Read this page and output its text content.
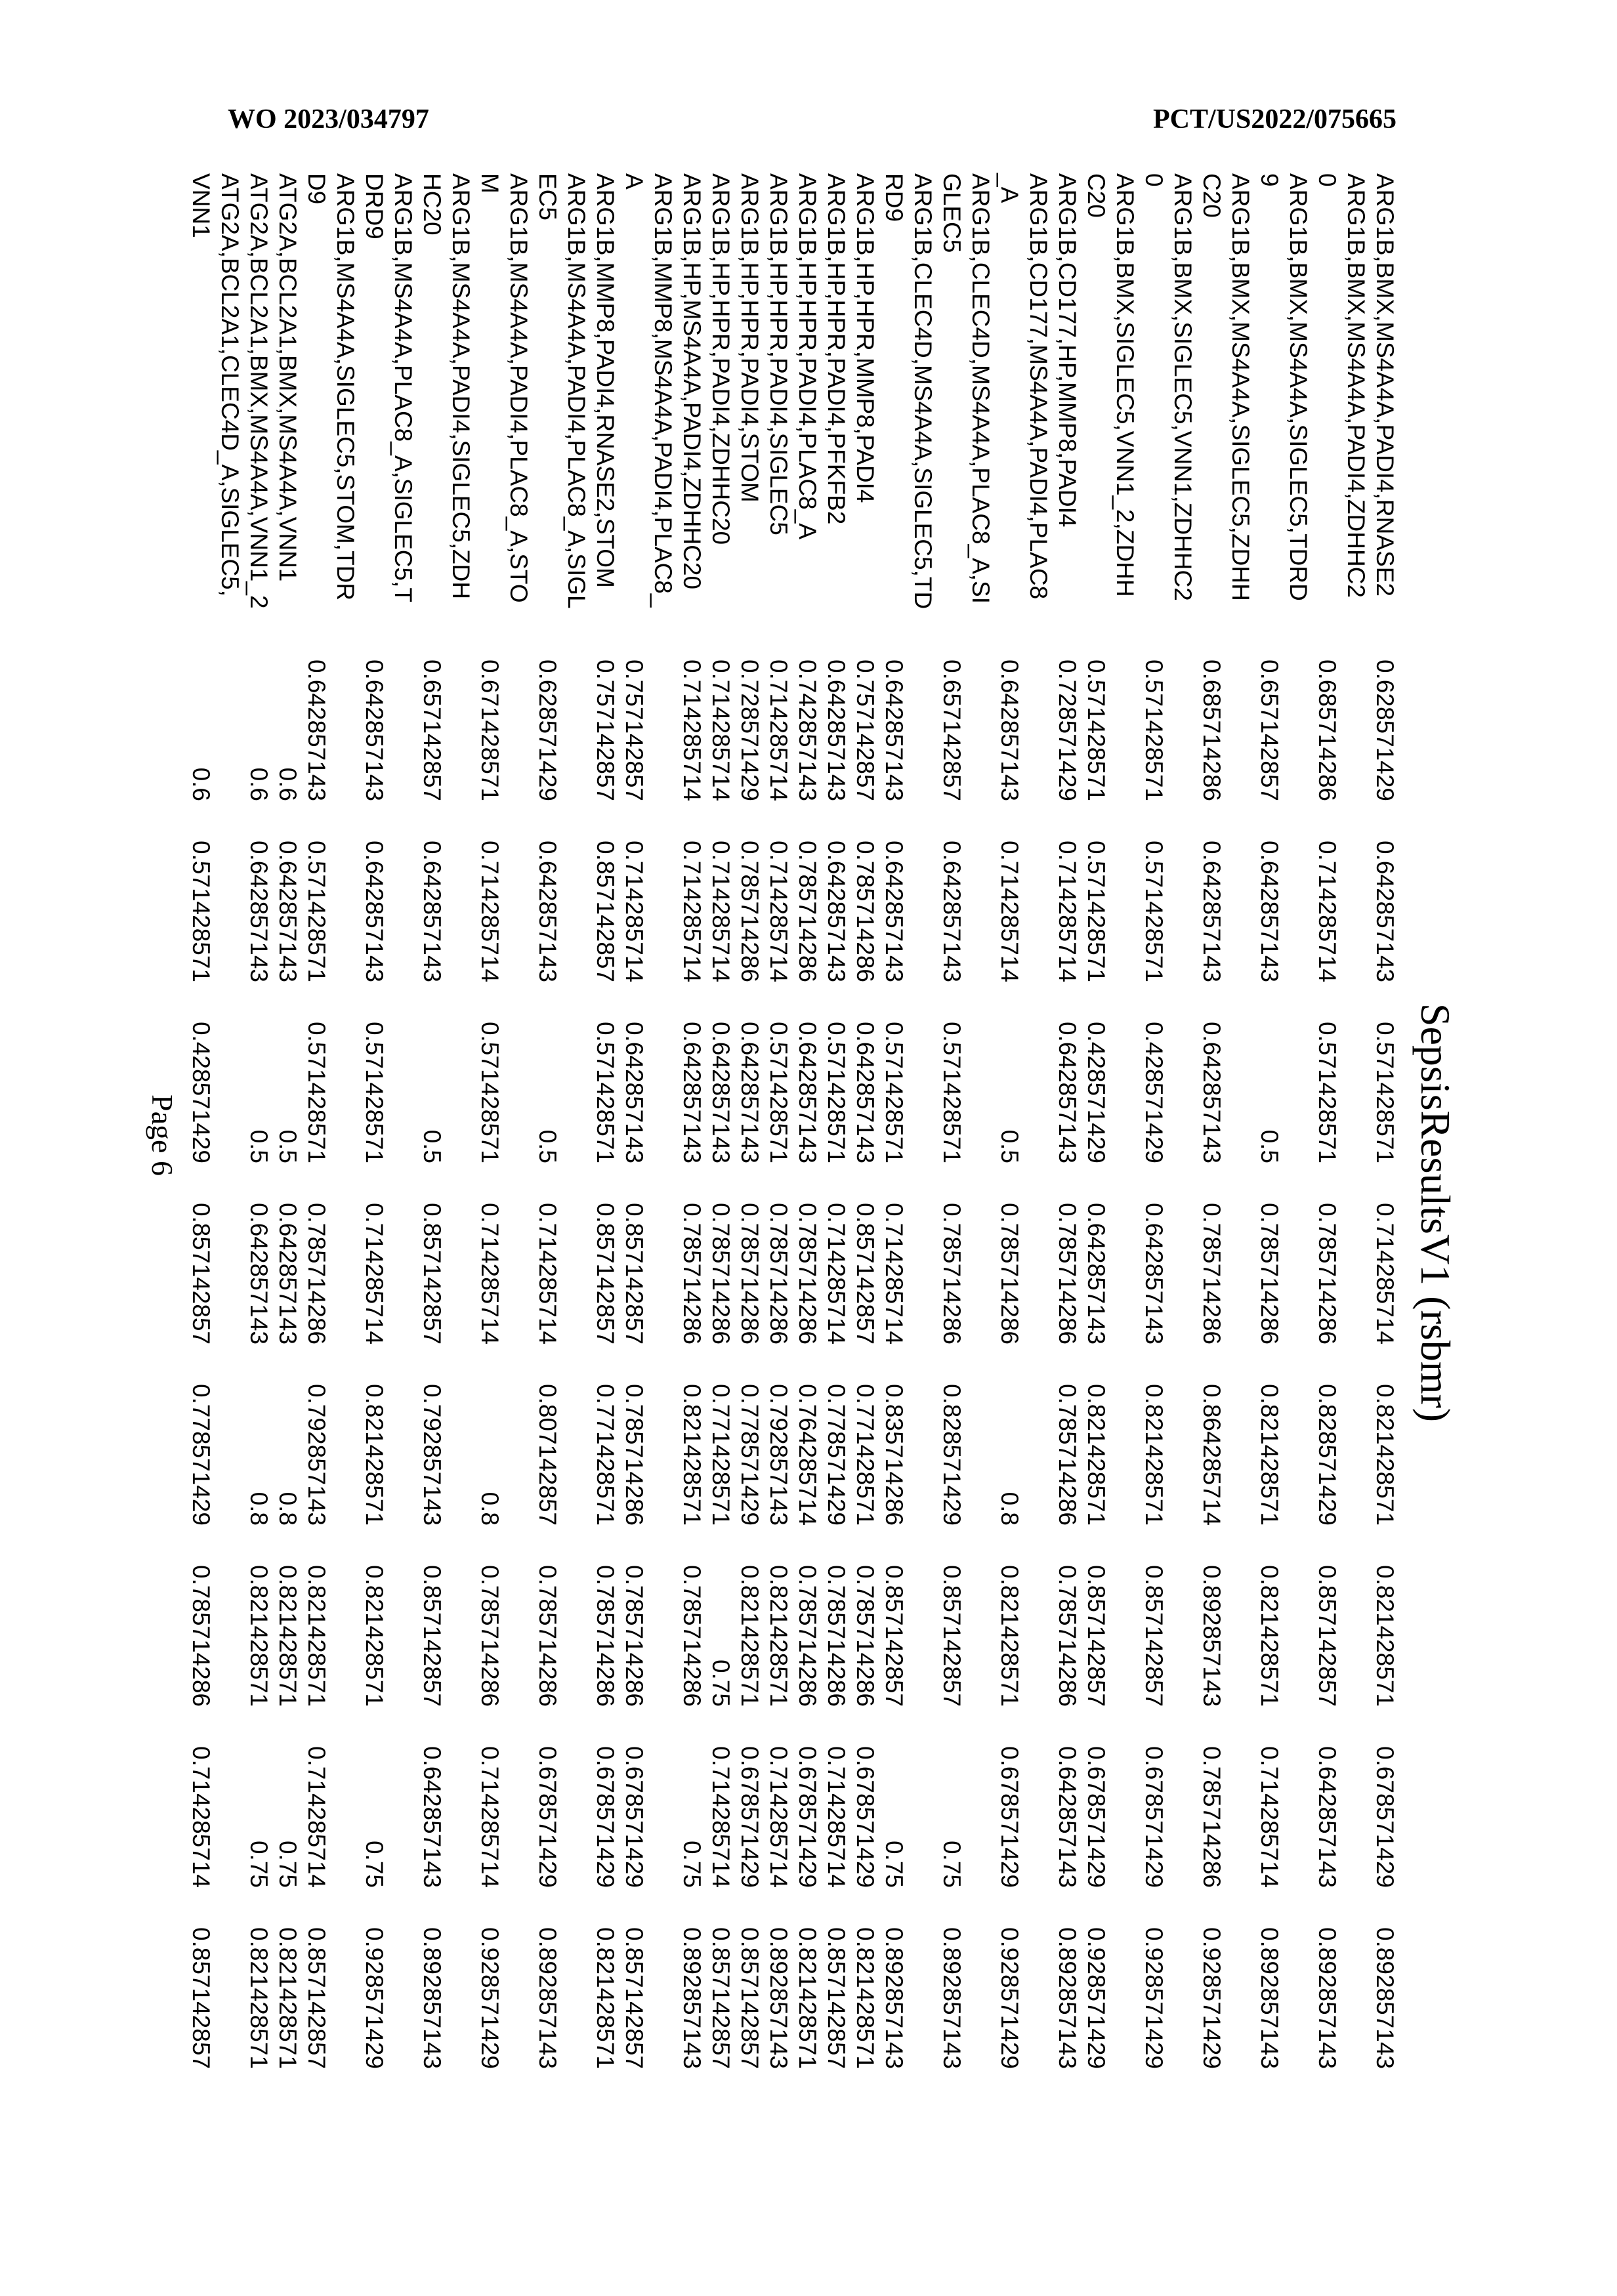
WO 2023/034797	PCT/US2022/075665
SepsisResultsV1 (rsbmr)
ARG1B,BMX,MS4A4A,PADI4,RNASE2
0.628571429
0.642857143
0.571428571
0.714285714
0.821428571
0.821428571
0.678571429
0.892857143
ARG1B,BMX,MS4A4A,PADI4,ZDHHC20
0.685714286
0.714285714
0.571428571
0.785714286
0.828571429
0.857142857
0.642857143
0.892857143
ARG1B,BMX,MS4A4A,SIGLEC5,TDRD9
0.657142857
0.642857143
0.5
0.785714286
0.821428571
0.821428571
0.714285714
0.892857143
ARG1B,BMX,MS4A4A,SIGLEC5,ZDHHC20
0.685714286
0.642857143
0.642857143
0.785714286
0.864285714
0.892857143
0.785714286
0.928571429
ARG1B,BMX,SIGLEC5,VNN1,ZDHHC20
0.571428571
0.571428571
0.428571429
0.642857143
0.821428571
0.857142857
0.678571429
0.928571429
ARG1B,BMX,SIGLEC5,VNN1_2,ZDHHC20
0.571428571
0.571428571
0.428571429
0.642857143
0.821428571
0.857142857
0.678571429
0.928571429
ARG1B,CD177,HP,MMP8,PADI4
0.728571429
0.714285714
0.642857143
0.785714286
0.785714286
0.785714286
0.642857143
0.892857143
ARG1B,CD177,MS4A4A,PADI4,PLAC8_A
0.642857143
0.714285714
0.5
0.785714286
0.8
0.821428571
0.678571429
0.928571429
ARG1B,CLEC4D,MS4A4A,PLAC8_A,SIGLEC5
0.657142857
0.642857143
0.571428571
0.785714286
0.828571429
0.857142857
0.75
0.892857143
ARG1B,CLEC4D,MS4A4A,SIGLEC5,TDRD9
0.642857143
0.642857143
0.571428571
0.714285714
0.835714286
0.857142857
0.75
0.892857143
ARG1B,HP,HPR,MMP8,PADI4
0.757142857
0.785714286
0.642857143
0.857142857
0.771428571
0.785714286
0.678571429
0.821428571
ARG1B,HP,HPR,PADI4,PFKFB2
0.642857143
0.642857143
0.571428571
0.714285714
0.778571429
0.785714286
0.714285714
0.857142857
ARG1B,HP,HPR,PADI4,PLAC8_A
0.742857143
0.785714286
0.642857143
0.785714286
0.764285714
0.785714286
0.678571429
0.821428571
ARG1B,HP,HPR,PADI4,SIGLEC5
0.714285714
0.714285714
0.571428571
0.785714286
0.792857143
0.821428571
0.714285714
0.892857143
ARG1B,HP,HPR,PADI4,STOM
0.728571429
0.785714286
0.642857143
0.785714286
0.778571429
0.821428571
0.678571429
0.857142857
ARG1B,HP,HPR,PADI4,ZDHHC20
0.714285714
0.714285714
0.642857143
0.785714286
0.771428571
0.75
0.714285714
0.857142857
ARG1B,HP,MS4A4A,PADI4,ZDHHC20
0.714285714
0.714285714
0.642857143
0.785714286
0.821428571
0.785714286
0.75
0.892857143
ARG1B,MMP8,MS4A4A,PADI4,PLAC8_A
0.757142857
0.714285714
0.642857143
0.857142857
0.785714286
0.785714286
0.678571429
0.857142857
ARG1B,MMP8,PADI4,RNASE2,STOM
0.757142857
0.857142857
0.571428571
0.857142857
0.771428571
0.785714286
0.678571429
0.821428571
ARG1B,MS4A4A,PADI4,PLAC8_A,SIGLEC5
0.628571429
0.642857143
0.5
0.714285714
0.807142857
0.785714286
0.678571429
0.892857143
ARG1B,MS4A4A,PADI4,PLAC8_A,STOM
0.671428571
0.714285714
0.571428571
0.714285714
0.8
0.785714286
0.714285714
0.928571429
ARG1B,MS4A4A,PADI4,SIGLEC5,ZDHHC20
0.657142857
0.642857143
0.5
0.857142857
0.792857143
0.857142857
0.642857143
0.892857143
ARG1B,MS4A4A,PLAC8_A,SIGLEC5,TDRD9
0.642857143
0.642857143
0.571428571
0.714285714
0.821428571
0.821428571
0.75
0.928571429
ARG1B,MS4A4A,SIGLEC5,STOM,TDRD9
0.642857143
0.571428571
0.571428571
0.785714286
0.792857143
0.821428571
0.714285714
0.857142857
ATG2A,BCL2A1,BMX,MS4A4A,VNN1
0.6
0.642857143
0.5
0.642857143
0.8
0.821428571
0.75
0.821428571
ATG2A,BCL2A1,BMX,MS4A4A,VNN1_2
0.6
0.642857143
0.5
0.642857143
0.8
0.821428571
0.75
0.821428571
ATG2A,BCL2A1,CLEC4D_A,SIGLEC5,VNN1
0.6
0.571428571
0.428571429
0.857142857
0.778571429
0.785714286
0.714285714
0.857142857
Page 6
